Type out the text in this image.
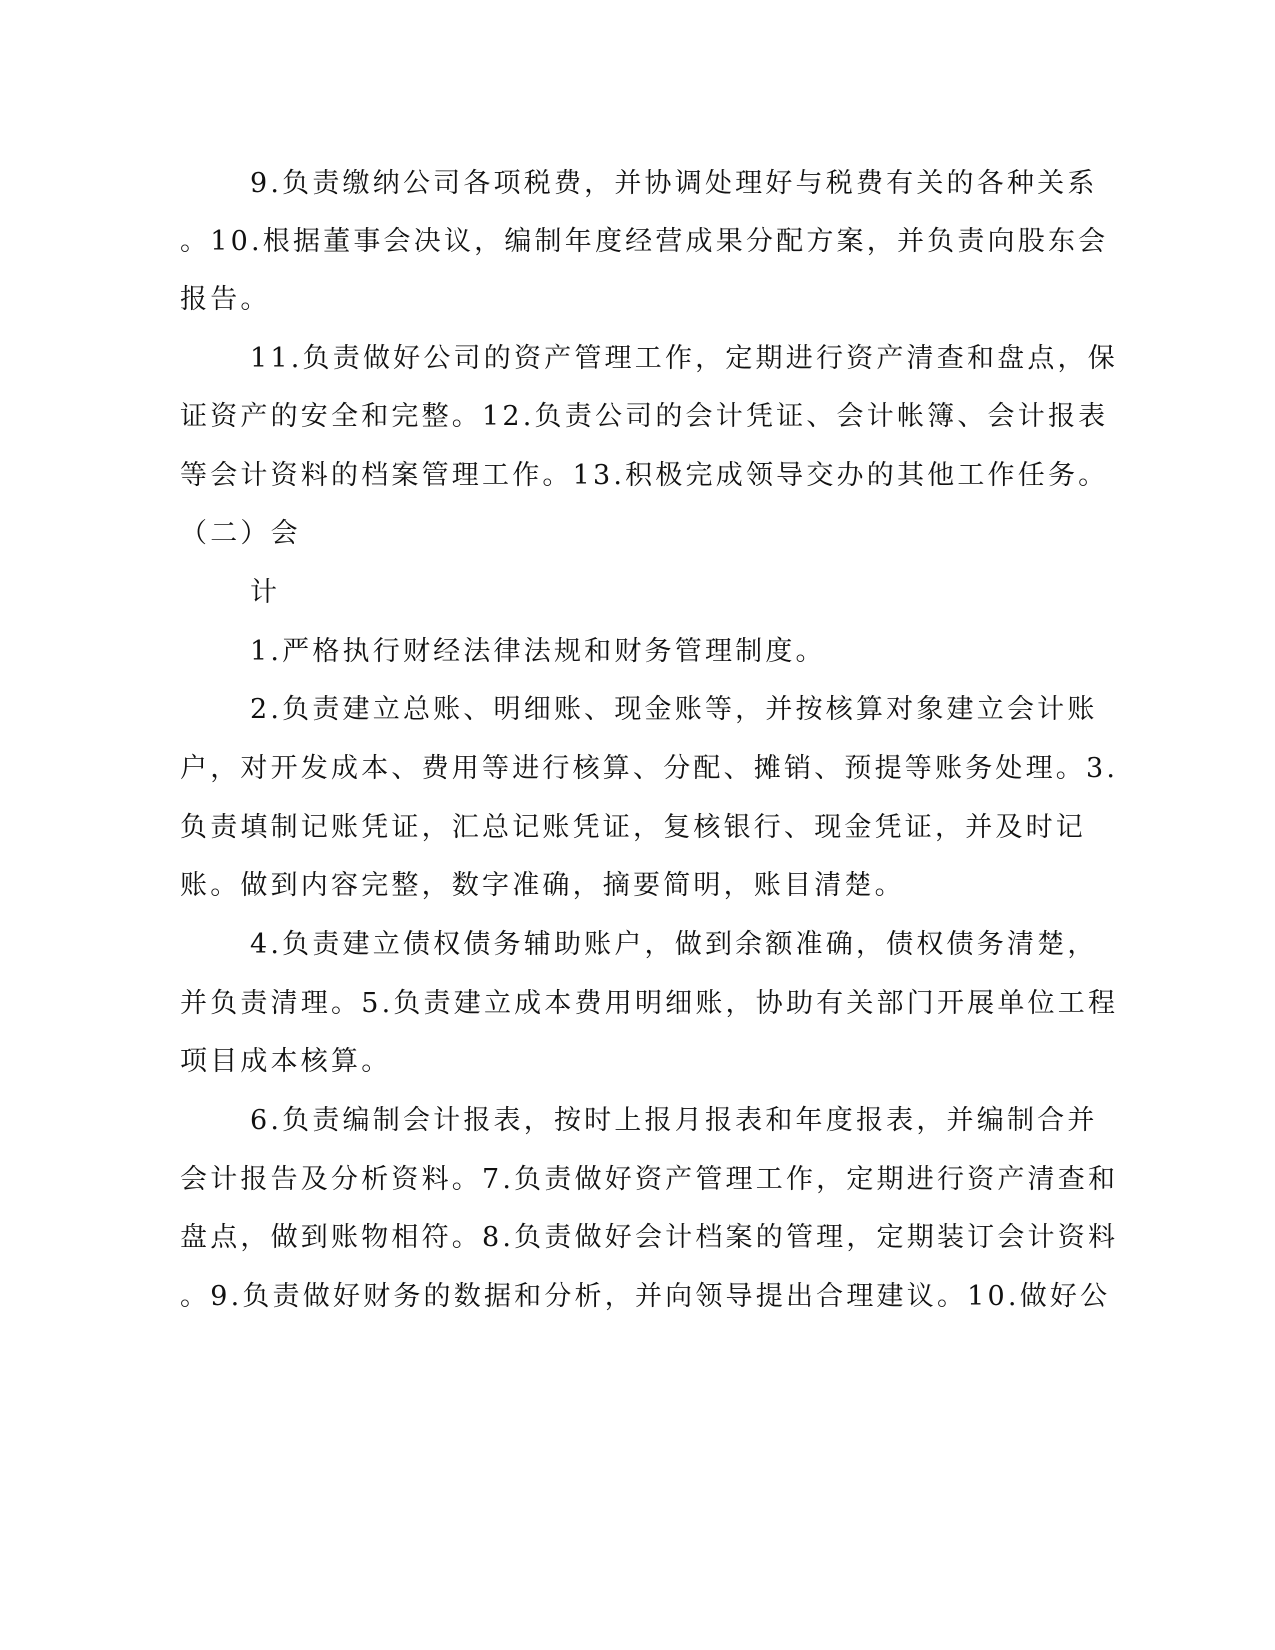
9.负责缴纳公司各项税费，并协调处理好与税费有关的各种关系
。10.根据董事会决议，编制年度经营成果分配方案，并负责向股东会
报告。
11.负责做好公司的资产管理工作，定期进行资产清查和盘点，保
证资产的安全和完整。12.负责公司的会计凭证、会计帐簿、会计报表
等会计资料的档案管理工作。13.积极完成领导交办的其他工作任务。
（二）会
计
1.严格执行财经法律法规和财务管理制度。
2.负责建立总账、明细账、现金账等，并按核算对象建立会计账
户，对开发成本、费用等进行核算、分配、摊销、预提等账务处理。3.
负责填制记账凭证，汇总记账凭证，复核银行、现金凭证，并及时记
账。做到内容完整，数字准确，摘要简明，账目清楚。
4.负责建立债权债务辅助账户，做到余额准确，债权债务清楚，
并负责清理。5.负责建立成本费用明细账，协助有关部门开展单位工程
项目成本核算。
6.负责编制会计报表，按时上报月报表和年度报表，并编制合并
会计报告及分析资料。7.负责做好资产管理工作，定期进行资产清查和
盘点，做到账物相符。8.负责做好会计档案的管理，定期装订会计资料
。9.负责做好财务的数据和分析，并向领导提出合理建议。10.做好公
